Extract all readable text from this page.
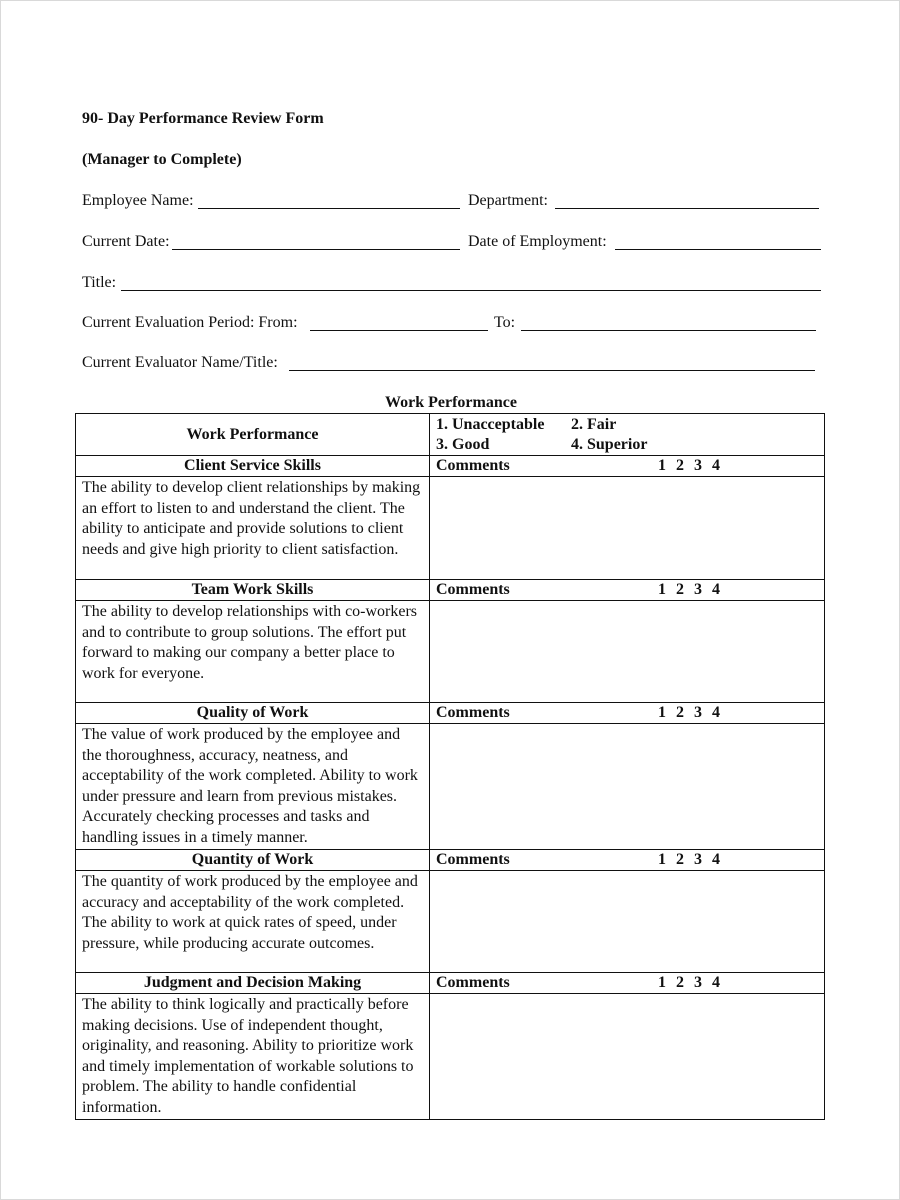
90- Day Performance Review Form
(Manager to Complete)
Employee Name:	Department:
Current Date:	Date of Employment:
Title:
Current Evaluation Period: From:	To:
Current Evaluator Name/Title:
Work Performance
Work Performance	1. Unacceptable 2. Fair
3. Good 4. Superior

Client Service Skills	Comments 1 2 3 4

The ability to develop client relationships by making an effort to listen to and understand the client. The ability to anticipate and provide solutions to client needs and give high priority to client satisfaction.	
Team Work Skills	Comments 1 2 3 4

The ability to develop relationships with co-workers and to contribute to group solutions. The effort put forward to making our company a better place to work for everyone.	
Quality of Work	Comments 1 2 3 4

The value of work produced by the employee and the thoroughness, accuracy, neatness, and acceptability of the work completed. Ability to work under pressure and learn from previous mistakes. Accurately checking processes and tasks and handling issues in a timely manner.	
Quantity of Work	Comments 1 2 3 4

The quantity of work produced by the employee and accuracy and acceptability of the work completed. The ability to work at quick rates of speed, under pressure, while producing accurate outcomes.	
Judgment and Decision Making	Comments 1 2 3 4

The ability to think logically and practically before making decisions. Use of independent thought, originality, and reasoning. Ability to prioritize work and timely implementation of workable solutions to problem. The ability to handle confidential information.	
